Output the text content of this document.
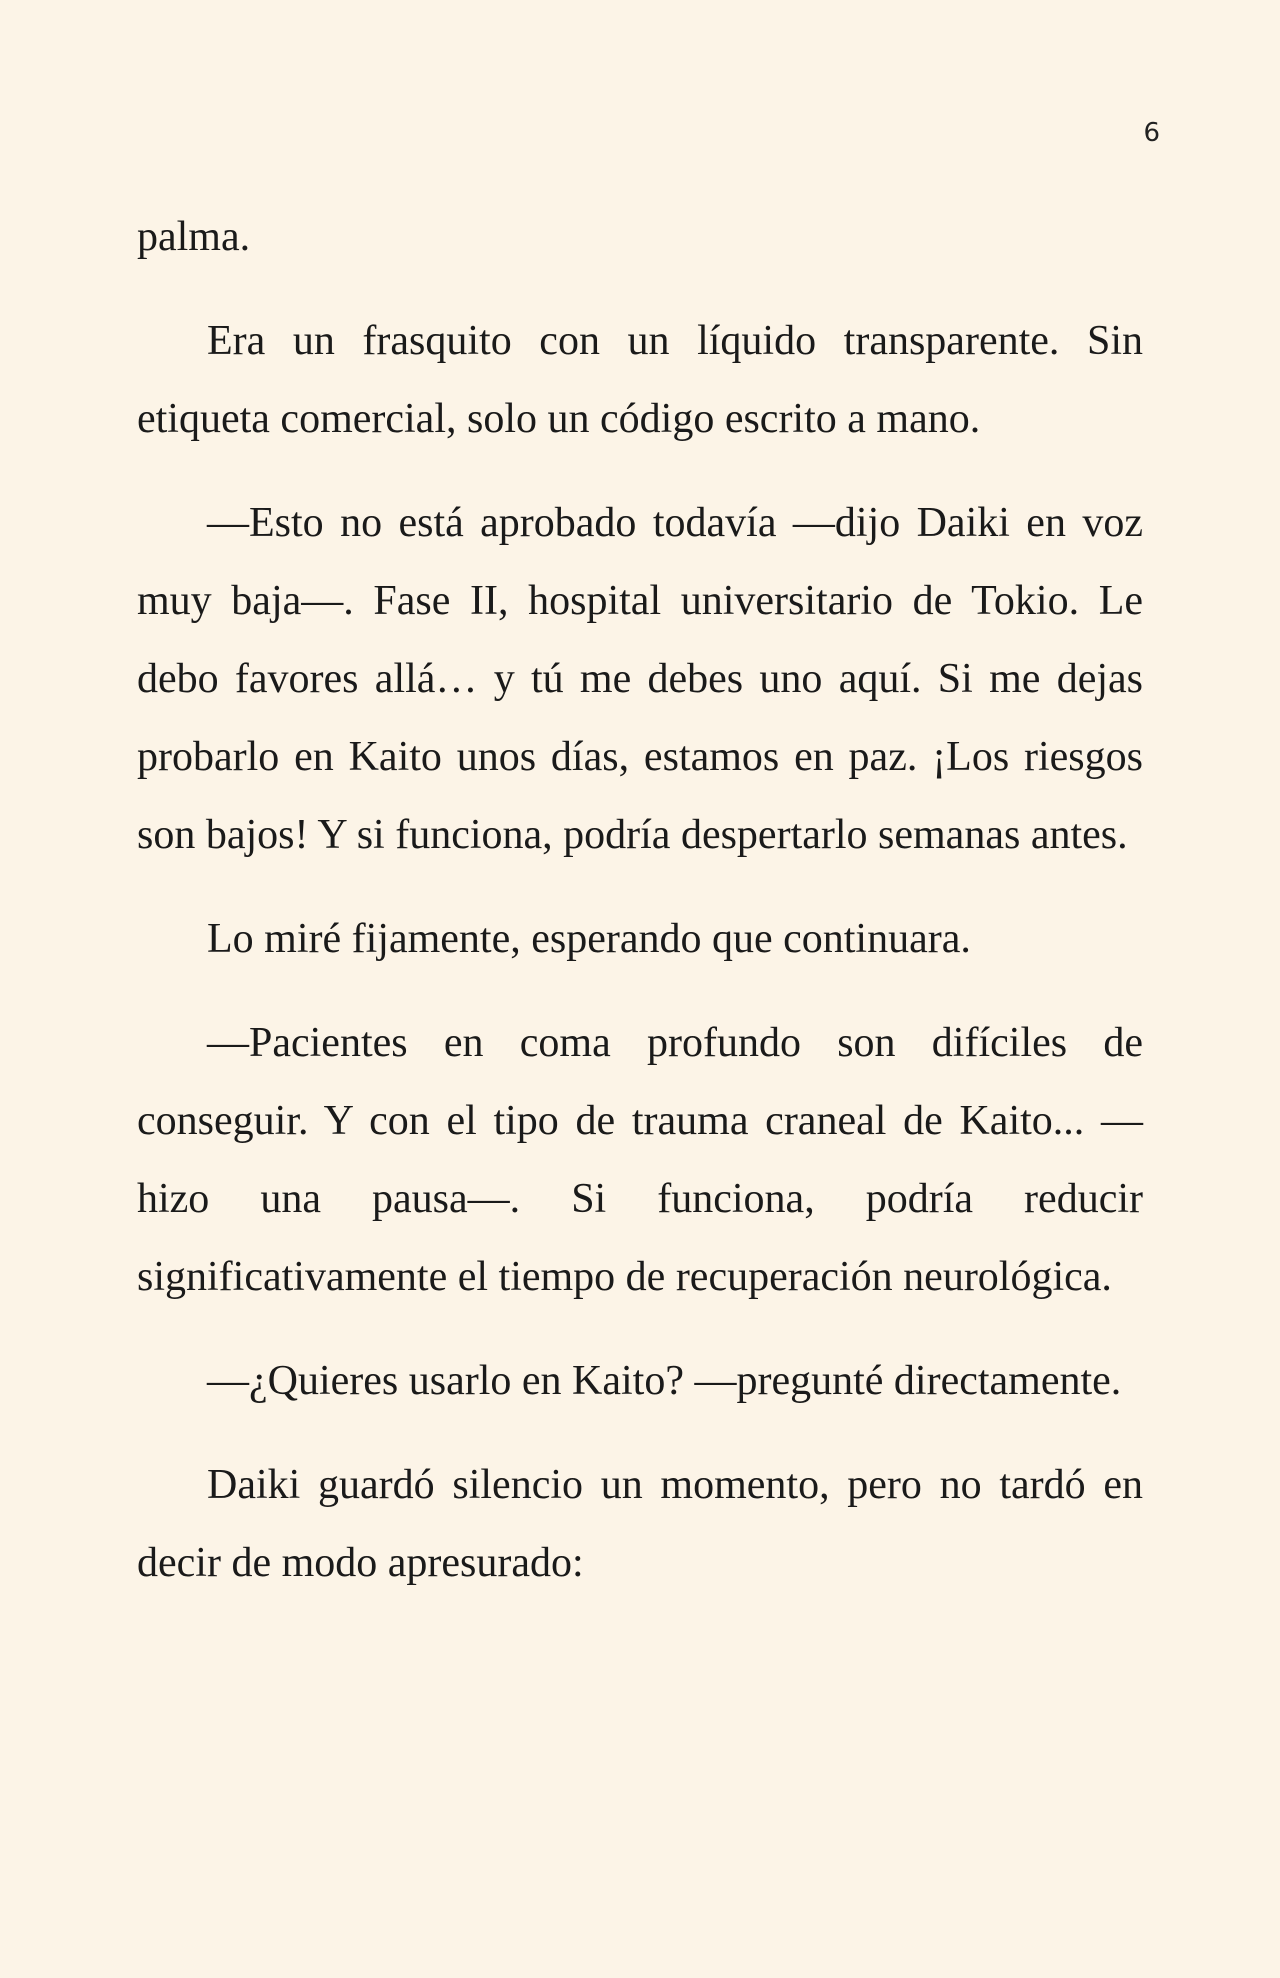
6

palma.

Era un frasquito con un líquido transparente. Sin etiqueta comercial, solo un código escrito a mano.

—Esto no está aprobado todavía —dijo Daiki en voz muy baja—. Fase II, hospital universitario de Tokio. Le debo favores allá… y tú me debes uno aquí. Si me dejas probarlo en Kaito unos días, estamos en paz. ¡Los riesgos son bajos! Y si funciona, podría despertarlo semanas antes.

Lo miré fijamente, esperando que continuara.

—Pacientes en coma profundo son difíciles de conseguir. Y con el tipo de trauma craneal de Kaito... —hizo una pausa—. Si funciona, podría reducir significativamente el tiempo de recuperación neurológica.

—¿Quieres usarlo en Kaito? —pregunté directamente.

Daiki guardó silencio un momento, pero no tardó en decir de modo apresurado:
